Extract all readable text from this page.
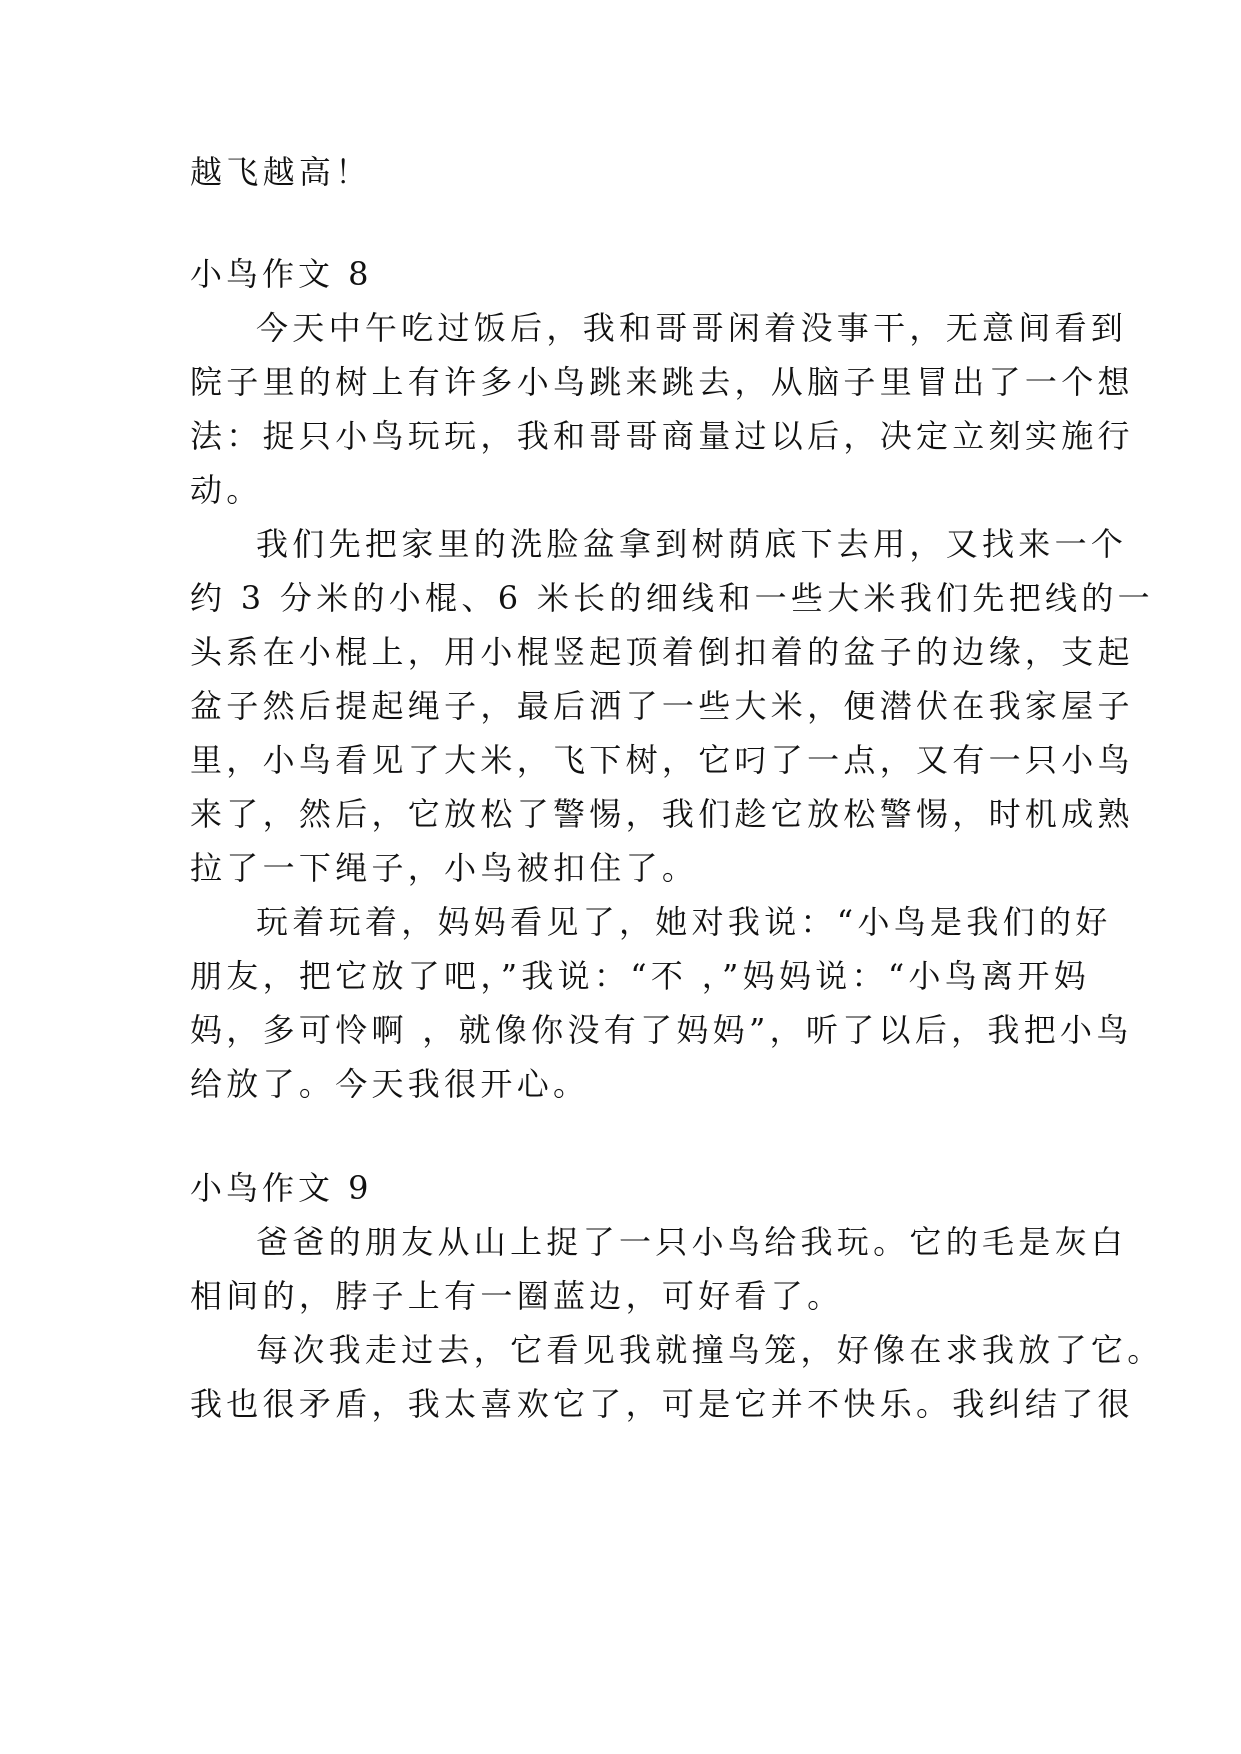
越飞越高！
小鸟作文 8
今天中午吃过饭后，我和哥哥闲着没事干，无意间看到
院子里的树上有许多小鸟跳来跳去，从脑子里冒出了一个想
法：捉只小鸟玩玩，我和哥哥商量过以后，决定立刻实施行
动。
我们先把家里的洗脸盆拿到树荫底下去用，又找来一个
约 3 分米的小棍、6 米长的细线和一些大米我们先把线的一
头系在小棍上，用小棍竖起顶着倒扣着的盆子的边缘，支起
盆子然后提起绳子，最后洒了一些大米，便潜伏在我家屋子
里，小鸟看见了大米，飞下树，它叼了一点，又有一只小鸟
来了，然后，它放松了警惕，我们趁它放松警惕，时机成熟
拉了一下绳子，小鸟被扣住了。
玩着玩着，妈妈看见了，她对我说：“小鸟是我们的好
朋友，把它放了吧，”我说：“不 ，”妈妈说：“小鸟离开妈
妈，多可怜啊 ，就像你没有了妈妈”，听了以后，我把小鸟
给放了。今天我很开心。
小鸟作文 9
爸爸的朋友从山上捉了一只小鸟给我玩。它的毛是灰白
相间的，脖子上有一圈蓝边，可好看了。
每次我走过去，它看见我就撞鸟笼，好像在求我放了它。
我也很矛盾，我太喜欢它了，可是它并不快乐。我纠结了很
